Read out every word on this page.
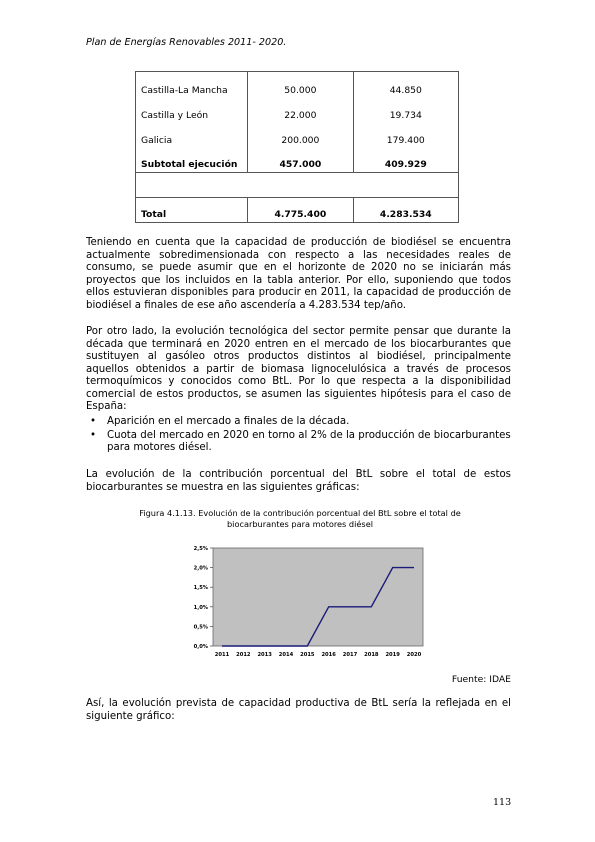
Plan de Energías Renovables 2011- 2020.
Castilla-La Mancha	50.000	44.850
Castilla y León	22.000	19.734
Galicia	200.000	179.400
Subtotal ejecución	457.000	409.929

Total	4.775.400	4.283.534

Teniendo en cuenta que la capacidad de producción de biodiésel se encuentra actualmente sobredimensionada con respecto a las necesidades reales de consumo, se puede asumir que en el horizonte de 2020 no se iniciarán más proyectos que los incluidos en la tabla anterior. Por ello, suponiendo que todos ellos estuvieran disponibles para producir en 2011, la capacidad de producción de biodiésel a finales de ese año ascendería a 4.283.534 tep/año.

Por otro lado, la evolución tecnológica del sector permite pensar que durante la década que terminará en 2020 entren en el mercado de los biocarburantes que sustituyen al gasóleo otros productos distintos al biodiésel, principalmente aquellos obtenidos a partir de biomasa lignocelulósica a través de procesos termoquímicos y conocidos como BtL. Por lo que respecta a la disponibilidad comercial de estos productos, se asumen las siguientes hipótesis para el caso de España:

• Aparición en el mercado a finales de la década.
• Cuota del mercado en 2020 en torno al 2% de la producción de biocarburantes para motores diésel.

La evolución de la contribución porcentual del BtL sobre el total de estos biocarburantes se muestra en las siguientes gráficas:

Figura 4.1.13. Evolución de la contribución porcentual del BtL sobre el total de
biocarburantes para motores diésel
0,0%
0,5%
1,0%
1,5%
2,0%
2,5%
2011 2012 2013 2014 2015 2016 2017 2018 2019 2020
Fuente: IDAE

Así, la evolución prevista de capacidad productiva de BtL sería la reflejada en el siguiente gráfico:

113
